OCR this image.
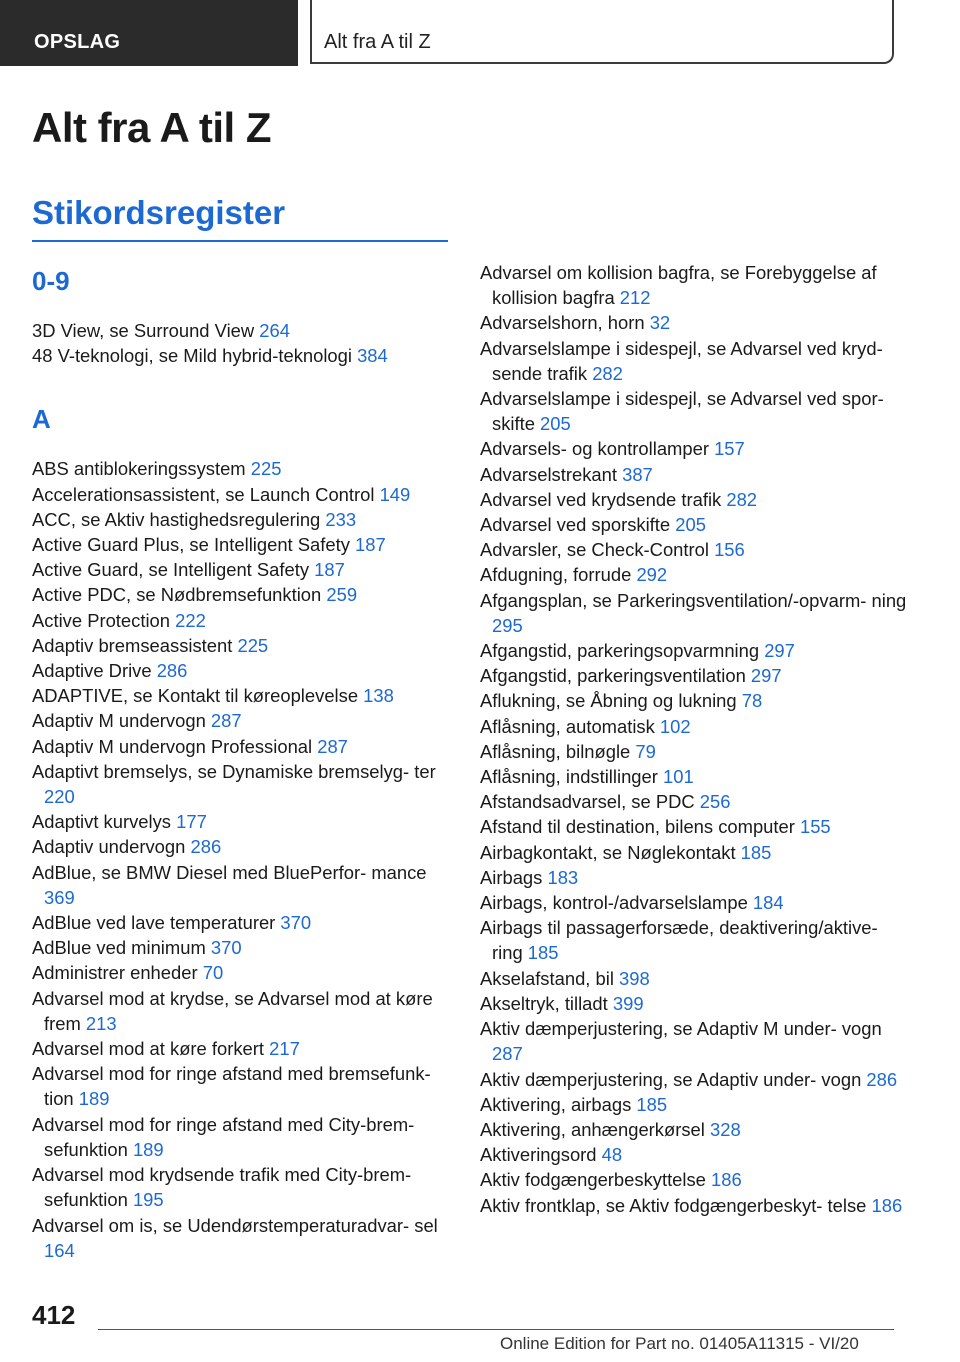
OPSLAG	Alt fra A til Z
Alt fra A til Z
Stikordsregister
0-9
3D View, se Surround View 264
48 V-teknologi, se Mild hybrid-teknologi 384
A
ABS antiblokeringssystem 225
Accelerationsassistent, se Launch Control 149
ACC, se Aktiv hastighedsregulering 233
Active Guard Plus, se Intelligent Safety 187
Active Guard, se Intelligent Safety 187
Active PDC, se Nødbremsefunktion 259
Active Protection 222
Adaptiv bremseassistent 225
Adaptive Drive 286
ADAPTIVE, se Kontakt til køreoplevelse 138
Adaptiv M undervogn 287
Adaptiv M undervogn Professional 287
Adaptivt bremselys, se Dynamiske bremselyg‐ ter 220
Adaptivt kurvelys 177
Adaptiv undervogn 286
AdBlue, se BMW Diesel med BluePerfor‐ mance 369
AdBlue ved lave temperaturer 370
AdBlue ved minimum 370
Administrer enheder 70
Advarsel mod at krydse, se Advarsel mod at køre frem 213
Advarsel mod at køre forkert 217
Advarsel mod for ringe afstand med bremsefunk‐ tion 189
Advarsel mod for ringe afstand med City-brem‐ sefunktion 189
Advarsel mod krydsende trafik med City-brem‐ sefunktion 195
Advarsel om is, se Udendørstemperaturadvar‐ sel 164
Advarsel om kollision bagfra, se Forebyggelse af kollision bagfra 212
Advarselshorn, horn 32
Advarselslampe i sidespejl, se Advarsel ved kryd‐ sende trafik 282
Advarselslampe i sidespejl, se Advarsel ved spor‐ skifte 205
Advarsels- og kontrollamper 157
Advarselstrekant 387
Advarsel ved krydsende trafik 282
Advarsel ved sporskifte 205
Advarsler, se Check-Control 156
Afdugning, forrude 292
Afgangsplan, se Parkeringsventilation/-opvarm‐ ning 295
Afgangstid, parkeringsopvarmning 297
Afgangstid, parkeringsventilation 297
Aflukning, se Åbning og lukning 78
Aflåsning, automatisk 102
Aflåsning, bilnøgle 79
Aflåsning, indstillinger 101
Afstandsadvarsel, se PDC 256
Afstand til destination, bilens computer 155
Airbagkontakt, se Nøglekontakt 185
Airbags 183
Airbags, kontrol-/advarselslampe 184
Airbags til passagerforsæde, deaktivering/aktive‐ ring 185
Akselafstand, bil 398
Akseltryk, tilladt 399
Aktiv dæmperjustering, se Adaptiv M under‐ vogn 287
Aktiv dæmperjustering, se Adaptiv under‐ vogn 286
Aktivering, airbags 185
Aktivering, anhængerkørsel 328
Aktiveringsord 48
Aktiv fodgængerbeskyttelse 186
Aktiv frontklap, se Aktiv fodgængerbeskyt‐ telse 186
412
Online Edition for Part no. 01405A11315 - VI/20
